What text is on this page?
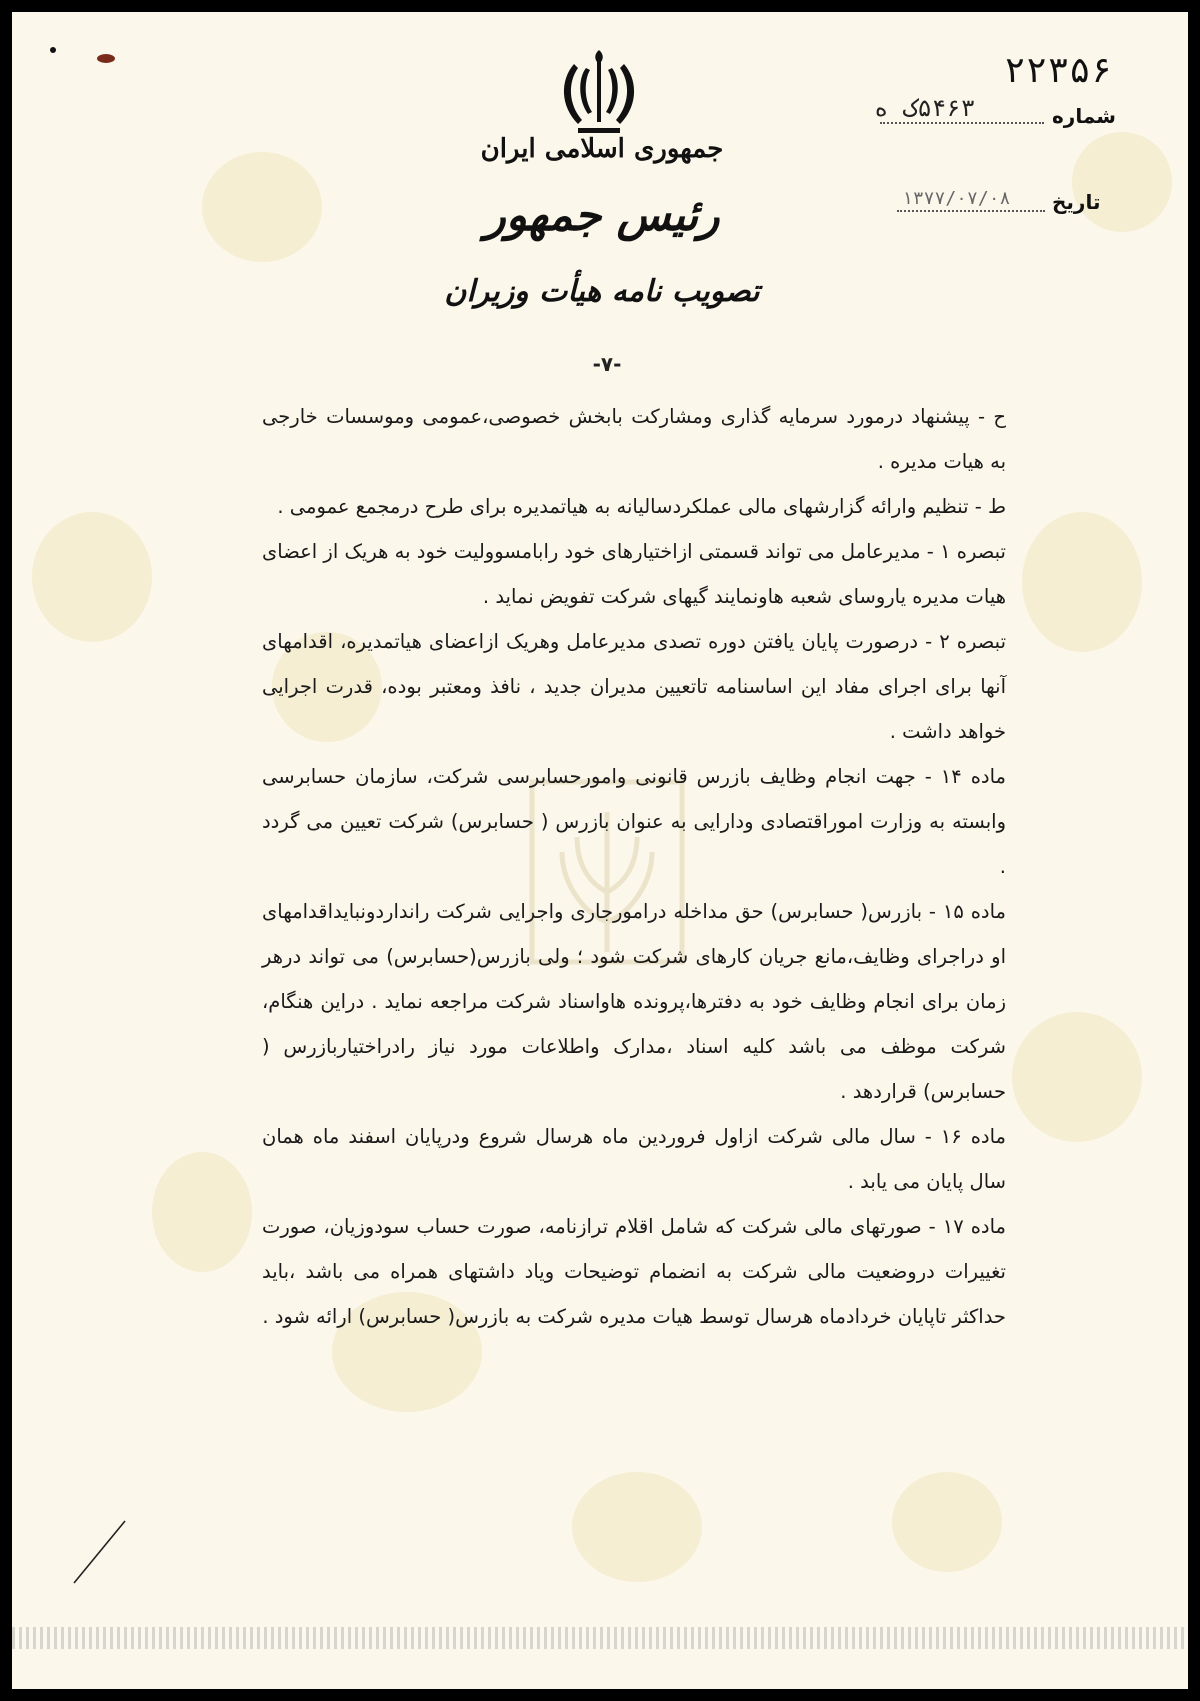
جمهوری اسلامی ایران
رئیس جمهور
تصویب نامه هیأت وزیران
۲۲۳۵۶
شماره
۵۴۶۳ک ه
تاریخ
۱۳۷۷/۰۷/۰۸
-۷-

ح - پیشنهاد درمورد سرمایه گذاری ومشارکت بابخش خصوصی،عمومی وموسسات خارجی به هیات مدیره .

ط - تنظیم وارائه گزارشهای مالی عملکردسالیانه به هیاتمدیره برای طرح درمجمع عمومی .

تبصره ۱ - مدیرعامل می تواند قسمتی ازاختیارهای خود رابامسوولیت خود به هریک از اعضای هیات مدیره یاروسای شعبه هاونمایند گیهای شرکت تفویض نماید .

تبصره ۲ - درصورت پایان یافتن دوره تصدی مدیرعامل وهریک ازاعضای هیاتمدیره، اقدامهای آنها برای اجرای مفاد این اساسنامه تاتعیین مدیران جدید ، نافذ ومعتبر بوده، قدرت اجرایی خواهد داشت .

ماده ۱۴ - جهت انجام وظایف بازرس قانونی وامورحسابرسی شرکت، سازمان حسابرسی وابسته به وزارت اموراقتصادی ودارایی به عنوان بازرس ( حسابرس) شرکت تعیین می گردد .

ماده ۱۵ - بازرس( حسابرس) حق مداخله درامورجاری واجرایی شرکت رانداردونبایداقدامهای او دراجرای وظایف،مانع جریان کارهای شرکت شود ؛ ولی بازرس(حسابرس) می تواند درهر زمان برای انجام وظایف خود به دفترها،پرونده هاواسناد شرکت مراجعه نماید . دراین هنگام، شرکت موظف می باشد کلیه اسناد ،مدارک واطلاعات مورد نیاز رادراختیاربازرس ( حسابرس) قراردهد .

ماده ۱۶ - سال مالی شرکت ازاول فروردین ماه هرسال شروع ودرپایان اسفند ماه همان سال پایان می یابد .

ماده ۱۷ - صورتهای مالی شرکت که شامل اقلام ترازنامه، صورت حساب سودوزیان، صورت تغییرات دروضعیت مالی شرکت به انضمام توضیحات وياد داشتهای همراه می باشد ،باید حداکثر تاپایان خردادماه هرسال توسط هیات مدیره شرکت به بازرس( حسابرس) ارائه شود .
